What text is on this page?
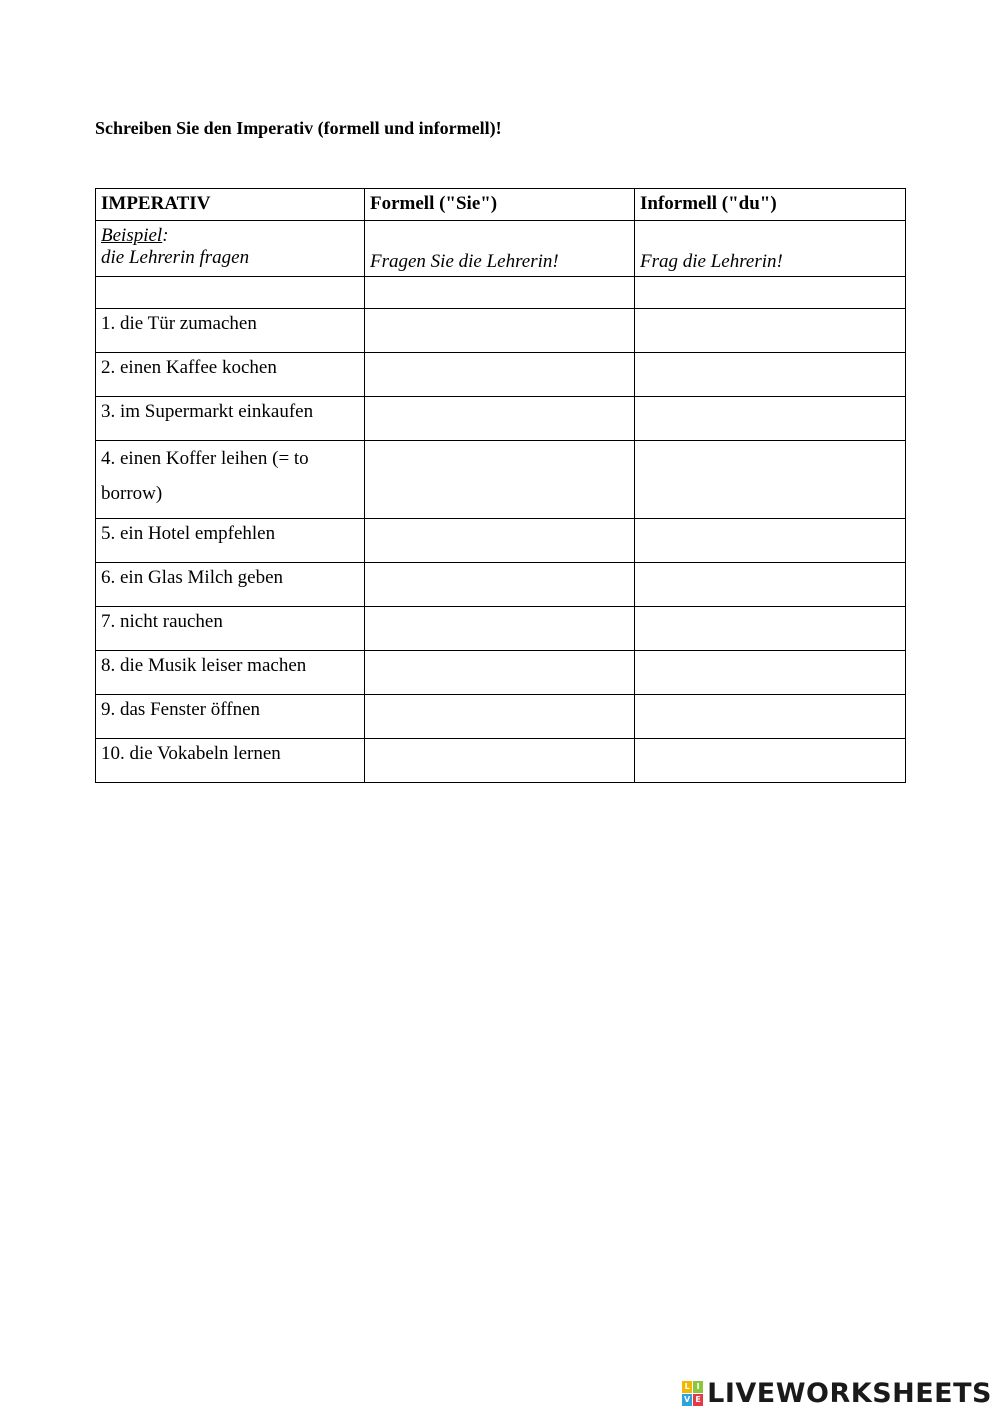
Schreiben Sie den Imperativ (formell und informell)!
IMPERATIV	Formell ("Sie")	Informell ("du")
Beispiel:
die Lehrerin fragen	Fragen Sie die Lehrerin!	Frag die Lehrerin!

1. die Tür zumachen		
2. einen Kaffee kochen		
3. im Supermarkt einkaufen		
4. einen Koffer leihen (= to borrow)		
5. ein Hotel empfehlen		
6. ein Glas Milch geben		
7. nicht rauchen		
8. die Musik leiser machen		
9. das Fenster öffnen		
10. die Vokabeln lernen		
L I
V E LIVEWORKSHEETS
